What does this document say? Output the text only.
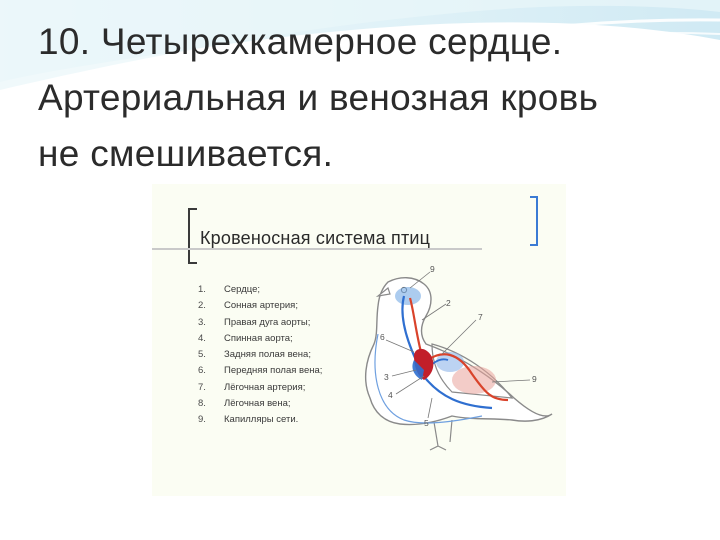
10. Четырехкамерное сердце.
Артериальная и венозная кровь
не смешивается.
Кровеносная система птиц
1. Сердце;
2. Сонная артерия;
3. Правая дуга аорты;
4. Спинная аорта;
5. Задняя полая вена;
6. Передняя полая вена;
7. Лёгочная артерия;
8. Лёгочная вена;
9. Капилляры сети.
9
2
7
6
3
4
9
5
